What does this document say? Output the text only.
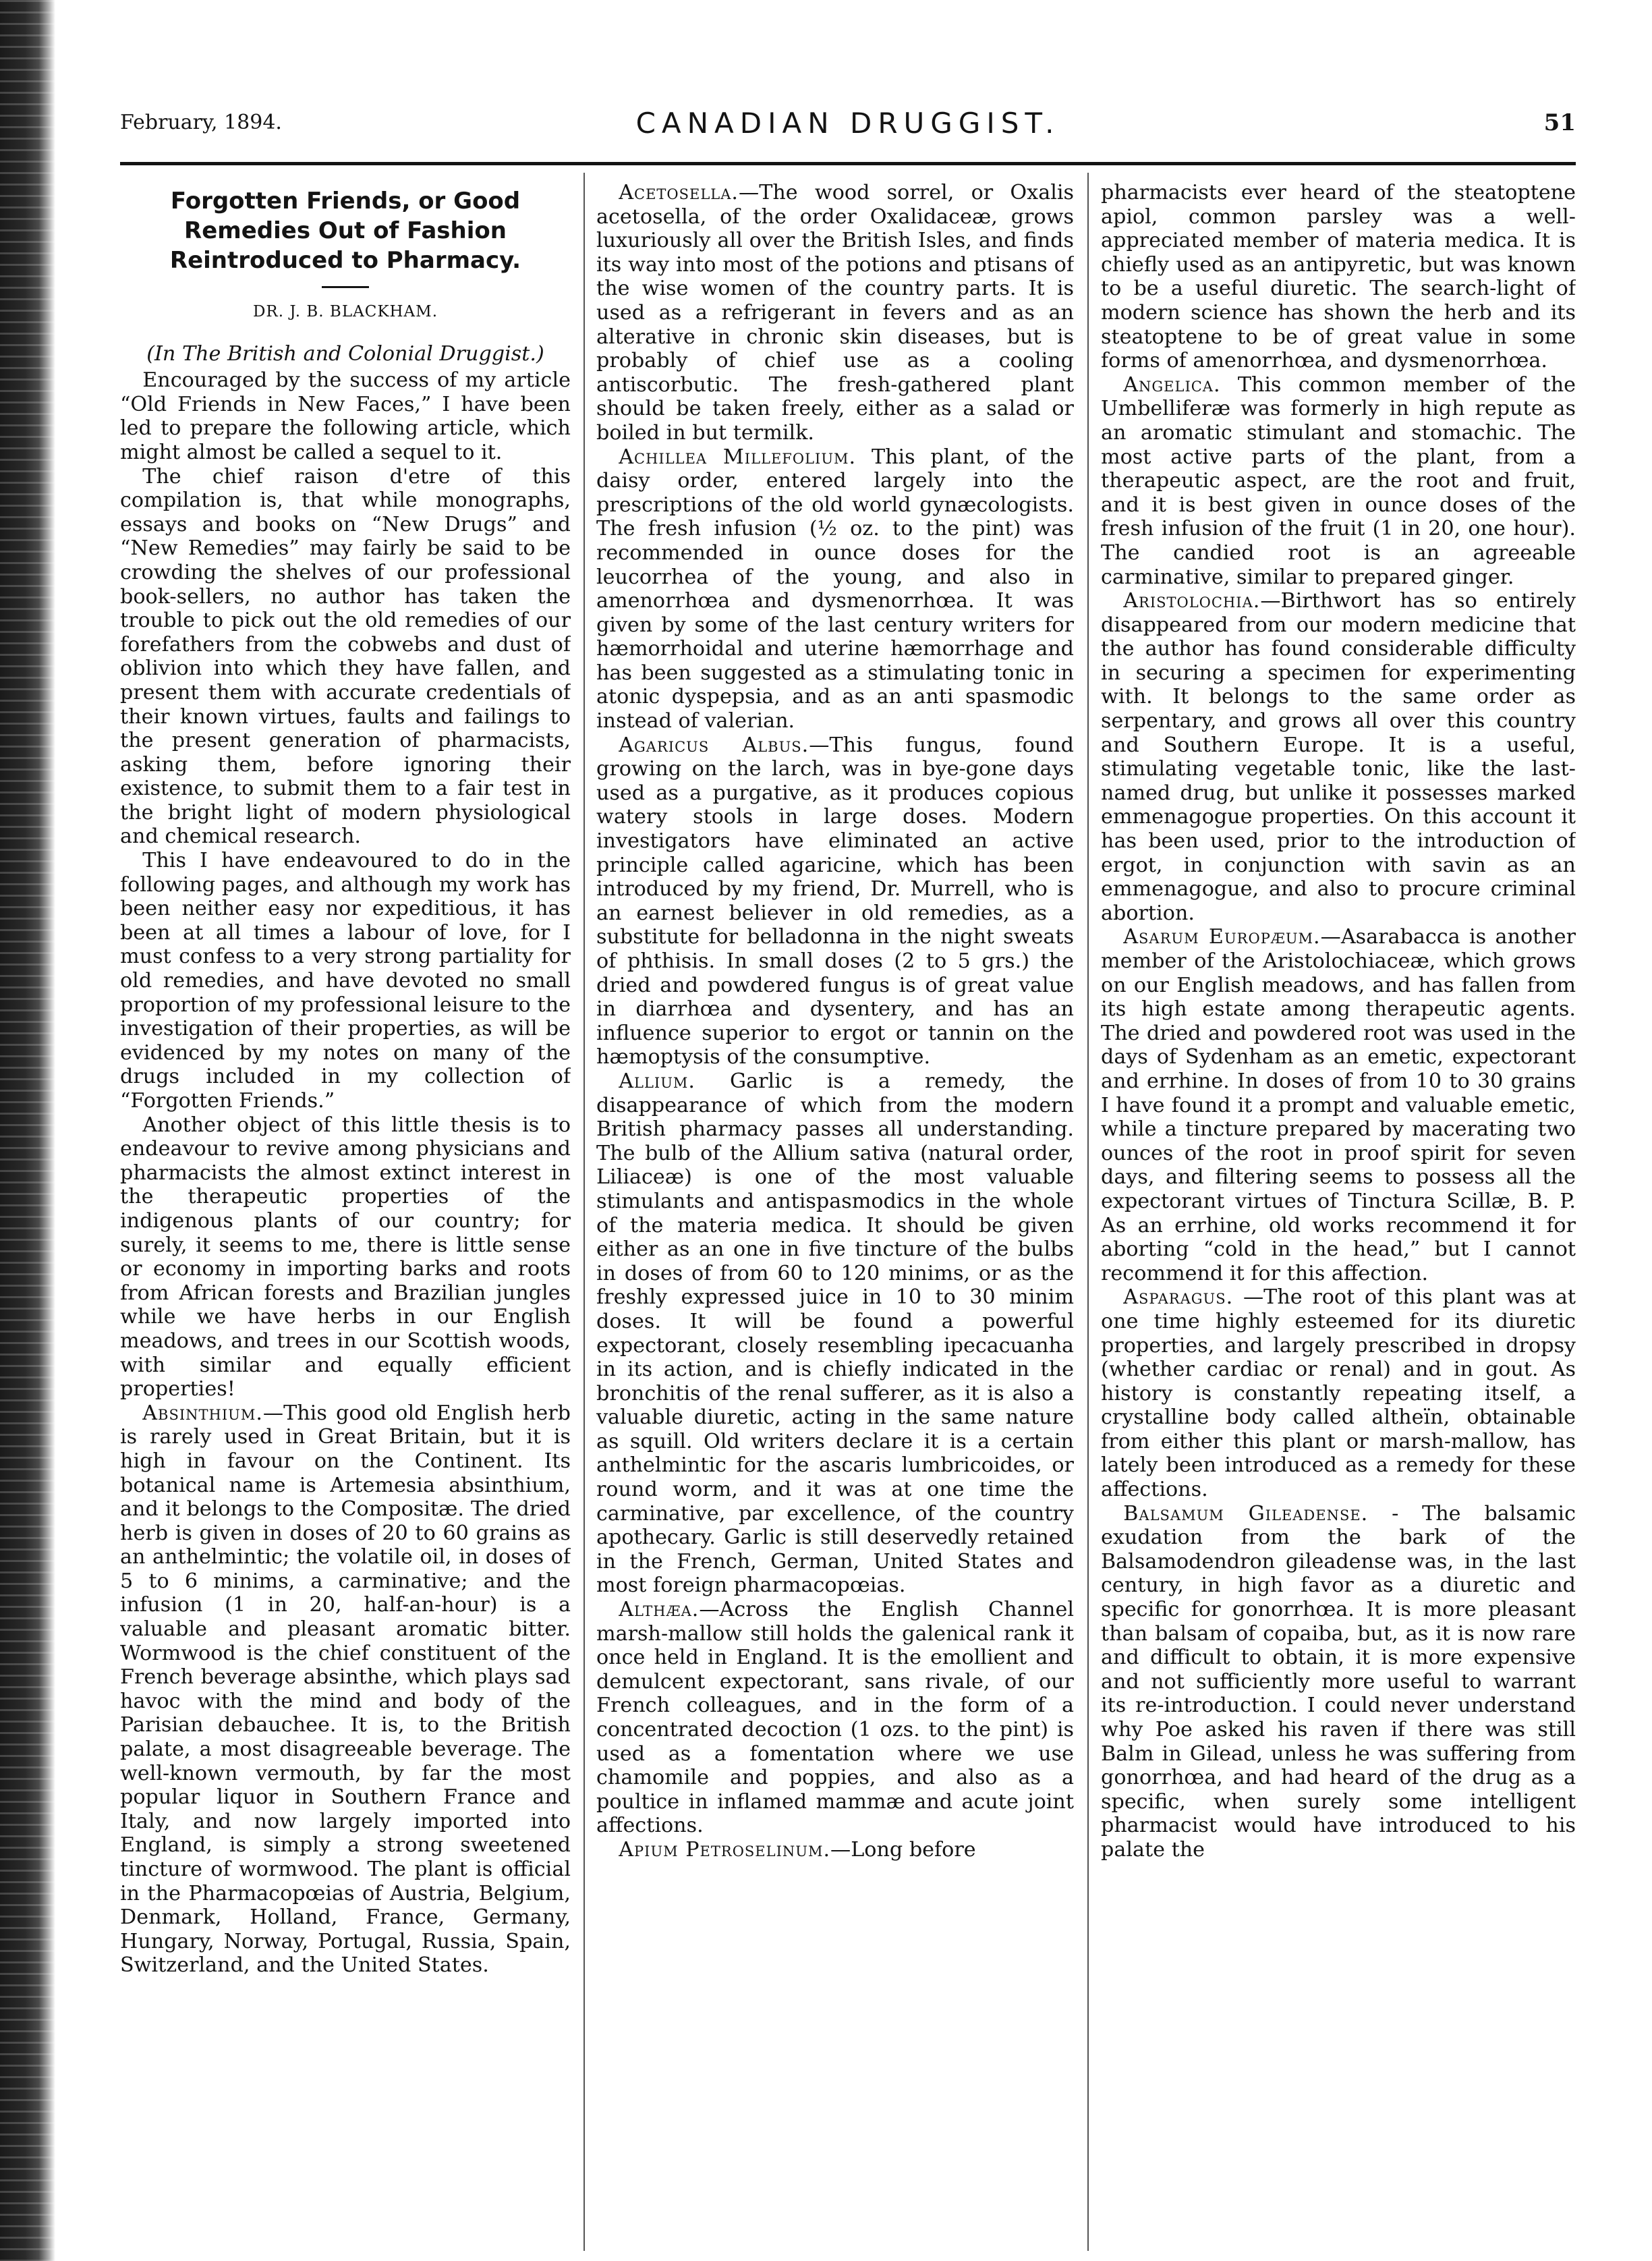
February, 1894.	CANADIAN DRUGGIST.	51

Forgotten Friends, or Good Remedies Out of Fashion Reintroduced to Pharmacy.

DR. J. B. BLACKHAM.

(In The British and Colonial Druggist.)

Encouraged by the success of my article “Old Friends in New Faces,” I have been led to prepare the following article, which might almost be called a sequel to it.

The chief raison d'etre of this compilation is, that while monographs, essays and books on “New Drugs” and “New Remedies” may fairly be said to be crowding the shelves of our professional book-sellers, no author has taken the trouble to pick out the old remedies of our forefathers from the cobwebs and dust of oblivion into which they have fallen, and present them with accurate credentials of their known virtues, faults and failings to the present generation of pharmacists, asking them, before ignoring their existence, to submit them to a fair test in the bright light of modern physiological and chemical research.

This I have endeavoured to do in the following pages, and although my work has been neither easy nor expeditious, it has been at all times a labour of love, for I must confess to a very strong partiality for old remedies, and have devoted no small proportion of my professional leisure to the investigation of their properties, as will be evidenced by my notes on many of the drugs included in my collection of “Forgotten Friends.”

Another object of this little thesis is to endeavour to revive among physicians and pharmacists the almost extinct interest in the therapeutic properties of the indigenous plants of our country; for surely, it seems to me, there is little sense or economy in importing barks and roots from African forests and Brazilian jungles while we have herbs in our English meadows, and trees in our Scottish woods, with similar and equally efficient properties!

Absinthium.—This good old English herb is rarely used in Great Britain, but it is high in favour on the Continent. Its botanical name is Artemesia absinthium, and it belongs to the Compositæ. The dried herb is given in doses of 20 to 60 grains as an anthelmintic; the volatile oil, in doses of 5 to 6 minims, a carminative; and the infusion (1 in 20, half-an-hour) is a valuable and pleasant aromatic bitter. Wormwood is the chief constituent of the French beverage absinthe, which plays sad havoc with the mind and body of the Parisian debauchee. It is, to the British palate, a most disagreeable beverage. The well-known vermouth, by far the most popular liquor in Southern France and Italy, and now largely imported into England, is simply a strong sweetened tincture of wormwood. The plant is official in the Pharmacopœias of Austria, Belgium, Denmark, Holland, France, Germany, Hungary, Norway, Portugal, Russia, Spain, Switzerland, and the United States.

Acetosella.—The wood sorrel, or Oxalis acetosella, of the order Oxalidaceæ, grows luxuriously all over the British Isles, and finds its way into most of the potions and ptisans of the wise women of the country parts. It is used as a refrigerant in fevers and as an alterative in chronic skin diseases, but is probably of chief use as a cooling antiscorbutic. The fresh-gathered plant should be taken freely, either as a salad or boiled in but termilk.

Achillea Millefolium. This plant, of the daisy order, entered largely into the prescriptions of the old world gynæcologists. The fresh infusion (½ oz. to the pint) was recommended in ounce doses for the leucorrhea of the young, and also in amenorrhœa and dysmenorrhœa. It was given by some of the last century writers for hæmorrhoidal and uterine hæmorrhage and has been suggested as a stimulating tonic in atonic dyspepsia, and as an anti spasmodic instead of valerian.

Agaricus Albus.—This fungus, found growing on the larch, was in bye-gone days used as a purgative, as it produces copious watery stools in large doses. Modern investigators have eliminated an active principle called agaricine, which has been introduced by my friend, Dr. Murrell, who is an earnest believer in old remedies, as a substitute for belladonna in the night sweats of phthisis. In small doses (2 to 5 grs.) the dried and powdered fungus is of great value in diarrhœa and dysentery, and has an influence superior to ergot or tannin on the hæmoptysis of the consumptive.

Allium. Garlic is a remedy, the disappearance of which from the modern British pharmacy passes all understanding. The bulb of the Allium sativa (natural order, Liliaceæ) is one of the most valuable stimulants and antispasmodics in the whole of the materia medica. It should be given either as an one in five tincture of the bulbs in doses of from 60 to 120 minims, or as the freshly expressed juice in 10 to 30 minim doses. It will be found a powerful expectorant, closely resembling ipecacuanha in its action, and is chiefly indicated in the bronchitis of the renal sufferer, as it is also a valuable diuretic, acting in the same nature as squill. Old writers declare it is a certain anthelmintic for the ascaris lumbricoides, or round worm, and it was at one time the carminative, par excellence, of the country apothecary. Garlic is still deservedly retained in the French, German, United States and most foreign pharmacopœias.

Althæa.—Across the English Channel marsh-mallow still holds the galenical rank it once held in England. It is the emollient and demulcent expectorant, sans rivale, of our French colleagues, and in the form of a concentrated decoction (1 ozs. to the pint) is used as a fomentation where we use chamomile and poppies, and also as a poultice in inflamed mammæ and acute joint affections.

Apium Petroselinum.—Long before

pharmacists ever heard of the steatoptene apiol, common parsley was a well-appreciated member of materia medica. It is chiefly used as an antipyretic, but was known to be a useful diuretic. The search-light of modern science has shown the herb and its steatoptene to be of great value in some forms of amenorrhœa, and dysmenorrhœa.

Angelica. This common member of the Umbelliferæ was formerly in high repute as an aromatic stimulant and stomachic. The most active parts of the plant, from a therapeutic aspect, are the root and fruit, and it is best given in ounce doses of the fresh infusion of the fruit (1 in 20, one hour). The candied root is an agreeable carminative, similar to prepared ginger.

Aristolochia.—Birthwort has so entirely disappeared from our modern medicine that the author has found considerable difficulty in securing a specimen for experimenting with. It belongs to the same order as serpentary, and grows all over this country and Southern Europe. It is a useful, stimulating vegetable tonic, like the last-named drug, but unlike it possesses marked emmenagogue properties. On this account it has been used, prior to the introduction of ergot, in conjunction with savin as an emmenagogue, and also to procure criminal abortion.

Asarum Europæum.—Asarabacca is another member of the Aristolochiaceæ, which grows on our English meadows, and has fallen from its high estate among therapeutic agents. The dried and powdered root was used in the days of Sydenham as an emetic, expectorant and errhine. In doses of from 10 to 30 grains I have found it a prompt and valuable emetic, while a tincture prepared by macerating two ounces of the root in proof spirit for seven days, and filtering seems to possess all the expectorant virtues of Tinctura Scillæ, B. P. As an errhine, old works recommend it for aborting “cold in the head,” but I cannot recommend it for this affection.

Asparagus. —The root of this plant was at one time highly esteemed for its diuretic properties, and largely prescribed in dropsy (whether cardiac or renal) and in gout. As history is constantly repeating itself, a crystalline body called altheïn, obtainable from either this plant or marsh-mallow, has lately been introduced as a remedy for these affections.

Balsamum Gileadense. - The balsamic exudation from the bark of the Balsamodendron gileadense was, in the last century, in high favor as a diuretic and specific for gonorrhœa. It is more pleasant than balsam of copaiba, but, as it is now rare and difficult to obtain, it is more expensive and not sufficiently more useful to warrant its re-introduction. I could never understand why Poe asked his raven if there was still Balm in Gilead, unless he was suffering from gonorrhœa, and had heard of the drug as a specific, when surely some intelligent pharmacist would have introduced to his palate the
